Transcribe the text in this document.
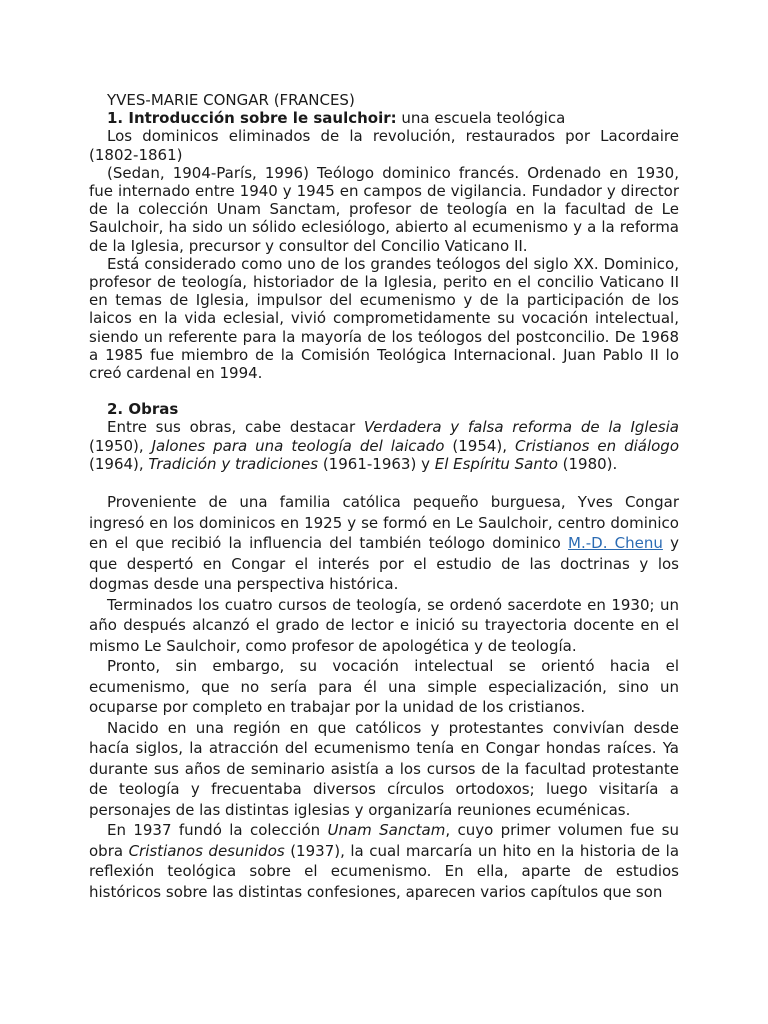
YVES-MARIE CONGAR (FRANCES)

1. Introducción sobre le saulchoir: una escuela teológica

Los dominicos eliminados de la revolución, restaurados por Lacordaire (1802-1861)

(Sedan, 1904-París, 1996) Teólogo dominico francés. Ordenado en 1930, fue internado entre 1940 y 1945 en campos de vigilancia. Fundador y director de la colección Unam Sanctam, profesor de teología en la facultad de Le Saulchoir, ha sido un sólido eclesiólogo, abierto al ecumenismo y a la reforma de la Iglesia, precursor y consultor del Concilio Vaticano II.

Está considerado como uno de los grandes teólogos del siglo XX. Dominico, profesor de teología, historiador de la Iglesia, perito en el concilio Vaticano II en temas de Iglesia, impulsor del ecumenismo y de la participación de los laicos en la vida eclesial, vivió comprometidamente su vocación intelectual, siendo un referente para la mayoría de los teólogos del postconcilio. De 1968 a 1985 fue miembro de la Comisión Teológica Internacional. Juan Pablo II lo creó cardenal en 1994.

2. Obras

Entre sus obras, cabe destacar Verdadera y falsa reforma de la Iglesia (1950), Jalones para una teología del laicado (1954), Cristianos en diálogo (1964), Tradición y tradiciones (1961-1963) y El Espíritu Santo (1980).

Proveniente de una familia católica pequeño burguesa, Yves Congar ingresó en los dominicos en 1925 y se formó en Le Saulchoir, centro dominico en el que recibió la influencia del también teólogo dominico M.-D. Chenu y que despertó en Congar el interés por el estudio de las doctrinas y los dogmas desde una perspectiva histórica.

Terminados los cuatro cursos de teología, se ordenó sacerdote en 1930; un año después alcanzó el grado de lector e inició su trayectoria docente en el mismo Le Saulchoir, como profesor de apologética y de teología.

Pronto, sin embargo, su vocación intelectual se orientó hacia el ecumenismo, que no sería para él una simple especialización, sino un ocuparse por completo en trabajar por la unidad de los cristianos.

Nacido en una región en que católicos y protestantes convivían desde hacía siglos, la atracción del ecumenismo tenía en Congar hondas raíces. Ya durante sus años de seminario asistía a los cursos de la facultad protestante de teología y frecuentaba diversos círculos ortodoxos; luego visitaría a personajes de las distintas iglesias y organizaría reuniones ecuménicas.

En 1937 fundó la colección Unam Sanctam, cuyo primer volumen fue su obra Cristianos desunidos (1937), la cual marcaría un hito en la historia de la reflexión teológica sobre el ecumenismo. En ella, aparte de estudios históricos sobre las distintas confesiones, aparecen varios capítulos que son
